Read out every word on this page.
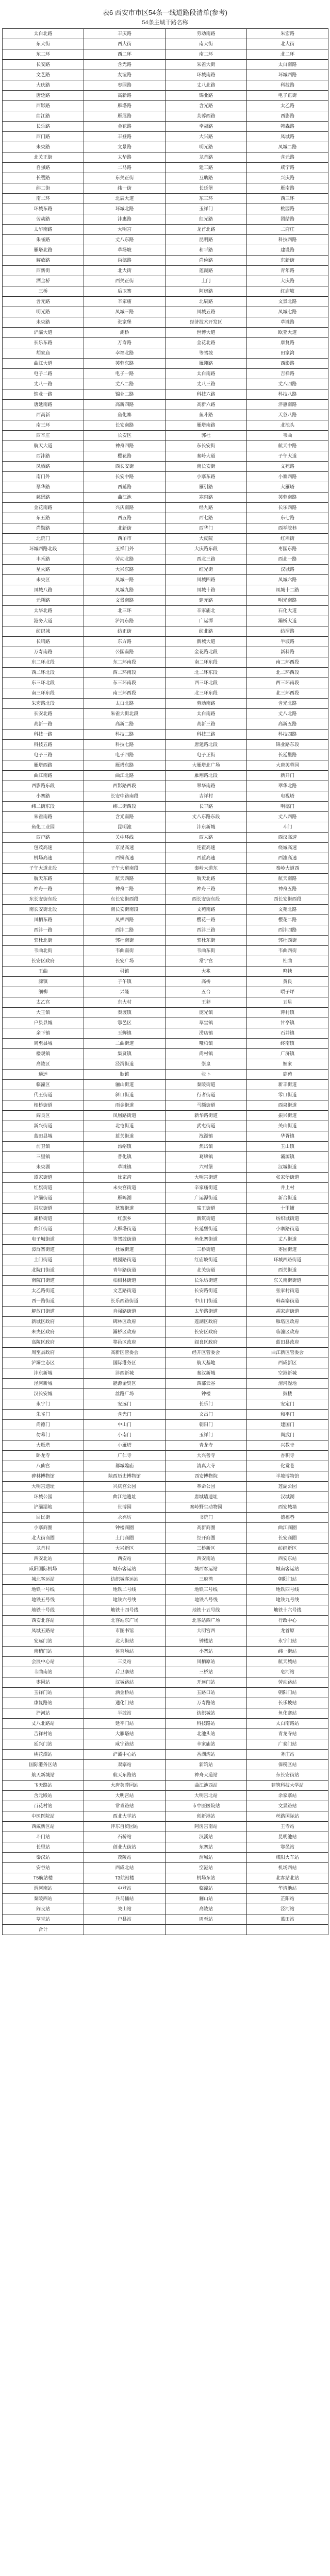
表6 西安市市区54条一线道路段清单(参考)
54条主城干路名称
太白北路	丰庆路	劳动南路	朱宏路
东大街	西大街	南大街	北大街
东二环	西二环	南二环	北二环
长安路	含光路	朱雀大街	太白南路
文艺路	友谊路	环城南路	环城西路
大庆路	枣园路	丈八北路	科技路
唐延路	高新路	锦业路	电子正街
西影路	雁塔路	含光路	太乙路
曲江路	雁展路	芙蓉西路	西影路
长乐路	金花路	幸福路	韩森路
西门路	丰登路	大兴路	凤城路
未央路	文景路	明光路	凤城二路
北关正街	太华路	龙首路	含元路
自强路	二马路	建工路	咸宁路
长缨路	东关正街	互助路	兴庆路
纬二街	纬一街	长延堡	雁南路
南二环	北辰大道	东三环	西三环
环城东路	环城北路	玉祥门	桃园路
劳动路	沣惠路	红光路	团结路
太华南路	大明宫	龙首北路	二府庄
朱雀路	丈八东路	昆明路	科技西路
雁塔北路	草场坡	和平路	建设路
解放路	尚德路	尚俭路	东新街
西新街	北大街	莲湖路	青年路
洒金桥	西关正街	土门	大庆路
三桥	后卫寨	阿房路	红庙坡
含元路	辛家庙	北辰路	文景北路
明光路	凤城三路	凤城五路	凤城七路
未央路	张家堡	经济技术开发区	草滩路
浐灞大道	灞桥	世博大道	欧亚大道
长乐东路	万寿路	金花北路	康复路
胡家庙	幸福北路	等驾坡	田家湾
曲江大道	芙蓉东路	雁翔路	西影路
电子二路	电子一路	太白南路	吉祥路
丈八一路	丈八二路	丈八三路	丈八四路
锦业一路	锦业二路	科技六路	科技八路
唐延南路	高新四路	高新六路	沣惠南路
西高新	鱼化寨	鱼斗路	天谷八路
南三环	长安南路	雁塔南路	北池头
西辛庄	长安区	郭杜	韦曲
航天大道	神舟四路	东长安街	航天中路
西沣路	樱花路	秦岭大道	子午大道
凤栖路	西长安街	南长安街	文苑路
南门外	长安中路	小寨东路	小寨西路
翠华路	西延路	雁引路	大雁塔
慈恩路	曲江池	寒窑路	芙蓉南路
金花南路	兴庆南路	经九路	长乐西路
东五路	西五路	西七路	东七路
尚勤路	北新街	西华门	西举院巷
北院门	西羊市	大皮院	红埠街
环城西路北段	玉祥门外	大庆路东段	枣园东路
丰禾路	劳动北路	西北三路	西北一路
星火路	大兴东路	红光街	汉城路
未央区	凤城一路	凤城四路	凤城六路
凤城八路	凤城九路	凤城十路	凤城十二路
元朔路	文景南路	建元路	明光南路
太华北路	北三环	辛家庙北	石化大道
港务大道	浐河东路	广运潭	灞桥大道
纺织城	纺正街	纺北路	纺渭路
长鸣路	东方路	新城大道	半坡路
万寿南路	公园南路	金花路北段	新科路
东二环北段	东二环南段	南二环东段	南二环西段
西二环北段	西二环南段	北二环东段	北二环西段
东三环北段	东三环南段	西三环北段	西三环南段
南三环东段	南三环西段	北三环东段	北三环西段
朱宏路北段	太白北路	劳动南路	含光北路
长安北路	朱雀大街北段	太白南路	丈八北路
高新一路	高新二路	高新三路	高新五路
科技一路	科技二路	科技三路	科技四路
科技五路	科技七路	唐延路北段	锦业路东段
电子三路	电子四路	电子正街	长延堡路
雁塔西路	雁塔东路	大雁塔北广场	大唐芙蓉园
曲江南路	曲江北路	雁翔路北段	新开门
西影路东段	西影路西段	翠华南路	翠华北路
小寨路	长安中路南段	吉祥村	电视塔
纬二街东段	纬二街西段	长丰路	明德门
朱雀南路	含光南路	丈八东路东段	丈八西路
鱼化工业园	昆明池	沣东新城	斗门
西户路	关中环线	西太路	西汉高速
包茂高速	京昆高速	连霍高速	绕城高速
机场高速	西铜高速	西蓝高速	西潼高速
子午大道北段	子午大道南段	秦岭大道东	秦岭大道西
航天东路	航天西路	航天北路	航天南路
神舟一路	神舟二路	神舟三路	神舟五路
东长安街东段	东长安街西段	西长安街东段	西长安街西段
南长安街北段	南长安街南段	文苑南路	文苑北路
凤栖东路	凤栖西路	樱花一路	樱花二路
西沣一路	西沣二路	西沣三路	西沣四路
郭杜北街	郭杜南街	郭杜东街	郭杜西街
韦曲北街	韦曲南街	韦曲东街	韦曲西街
长安区政府	长安广场	常宁宫	杜曲
王曲	引镇	大兆	鸣犊
滦镇	子午镇	高桥	黄良
细柳	兴隆	五台	喂子坪
太乙宫	东大村	王莽	五星
大王镇	秦渡镇	庞光镇	蒋村镇
户县县城	鄠邑区	草堂镇	甘亭镇
余下镇	玉蝉镇	涝店镇	石井镇
周至县城	二曲街道	哑柏镇	终南镇
楼观镇	集贤镇	尚村镇	广济镇
高陵区	泾渭街道	崇皇	姬家
通远	耿镇	张卜	鹿苑
临潼区	骊山街道	秦陵街道	新丰街道
代王街道	斜口街道	行者街道	零口街道
相桥街道	雨金街道	马额街道	西泉街道
阎良区	凤凰路街道	新华路街道	振兴街道
新兴街道	北屯街道	武屯街道	关山街道
蓝田县城	蓝关街道	洩湖镇	华胥镇
前卫镇	汤峪镇	焦岱镇	玉山镇
三里镇	普化镇	葛牌镇	灞源镇
未央湖	草滩镇	六村堡	汉城街道
谭家街道	徐家湾	大明宫街道	张家堡街道
红旗街道	未央宫街道	辛家庙街道	井上村
浐灞街道	雁鸣湖	广运潭街道	新合街道
洪庆街道	狄寨街道	席王街道	十里铺
灞桥街道	红旗乡	新筑街道	纺织城街道
曲江街道	大雁塔街道	长延堡街道	小寨路街道
电子城街道	等驾坡街道	鱼化寨街道	丈八街道
漳浒寨街道	杜城街道	三桥街道	枣园街道
土门街道	桃园路街道	红庙坡街道	环城西路街道
北院门街道	青年路街道	北关街道	西关街道
南院门街道	柏树林街道	长乐坊街道	东关南街街道
太乙路街道	文艺路街道	长安路街道	张家村街道
西一路街道	长乐西路街道	中山门街道	韩森寨街道
解放门街道	自强路街道	太华路街道	胡家庙街道
新城区政府	碑林区政府	莲湖区政府	雁塔区政府
未央区政府	灞桥区政府	长安区政府	临潼区政府
高陵区政府	鄠邑区政府	阎良区政府	蓝田县政府
周至县政府	高新区管委会	经开区管委会	曲江新区管委会
浐灞生态区	国际港务区	航天基地	西咸新区
沣东新城	沣西新城	秦汉新城	空港新城
泾河新城	能源金贸区	西部云谷	渭河湿地
汉长安城	丝路广场	钟楼	鼓楼
永宁门	安远门	长乐门	安定门
朱雀门	含光门	文昌门	和平门
尚德门	中山门	朝阳门	建国门
勿幕门	小南门	玉祥门	尚武门
大雁塔	小雁塔	青龙寺	兴教寺
卧龙寺	广仁寺	大兴善寺	香积寺
八仙宫	都城隍庙	清真大寺	化觉巷
碑林博物馆	陕西历史博物馆	西安博物院	半坡博物馆
大明宫遗址	兴庆宫公园	革命公园	莲湖公园
环城公园	曲江池遗址	唐城墙遗址	汉城湖
浐灞湿地	世博园	秦岭野生动物园	西安城墙
回民街	永兴坊	书院门	德福巷
小寨商圈	钟楼商圈	高新商圈	曲江商圈
北大街商圈	土门商圈	经开商圈	长安商圈
龙首村	大兴新区	三桥新区	纺织新区
西安北站	西安站	西安南站	西安东站
咸阳国际机场	城东客运站	城西客运站	城南客运站
城北客运站	纺织城客运站	三府湾	朝阳门站
地铁一号线	地铁二号线	地铁三号线	地铁四号线
地铁五号线	地铁六号线	地铁八号线	地铁九号线
地铁十号线	地铁十四号线	地铁十五号线	地铁十六号线
西安北客站	北客站东广场	北客站西广场	行政中心
凤城五路站	市图书馆	大明宫西	龙首原
安远门站	北大街站	钟楼站	永宁门站
南稍门站	体育场站	小寨站	纬一街站
会展中心站	三爻站	凤栖原站	航天城站
韦曲南站	后卫寨站	三桥站	皂河站
枣园站	汉城路站	开远门站	劳动路站
玉祥门站	洒金桥站	五路口站	朝阳门站
康复路站	通化门站	万寿路站	长乐坡站
浐河站	半坡站	纺织城站	鱼化寨站
丈八北路站	延平门站	科技路站	太白南路站
吉祥村站	大雁塔站	北池头站	青龙寺站
延兴门站	咸宁路站	辛家庙站	广泰门站
桃花潭站	浐灞中心站	香湖湾站	务庄站
国际港务区站	双寨站	新筑站	保税区站
航天新城站	航天东路站	神舟大道站	东长安街站
飞天路站	大唐芙蓉园站	曲江池西站	建筑科技大学站
含元殿站	大明宫站	大明宫北站	余家寨站
百花村站	常青路站	市中医医院站	文景路站
中医医院站	西北大学站	创新港站	丝路国际站
西咸新区站	沣东自贸园站	阿房宫南站	王寺站
斗门站	石桥站	汉溪站	昆明池站
长里站	创业大街站	东寨站	鄠邑站
秦汉站	茂陵站	渭城站	咸阳火车站
安谷站	西咸北站	空港站	机场西站
T5航站楼	T3航站楼	机场东站	北客站北站
渭河南站	中登站	临潼站	华清池站
秦陵西站	兵马俑站	骊山站	芷阳站
阎良站	关山站	高陵站	泾河站
草堂站	户县站	周至站	蓝田站
合计			
